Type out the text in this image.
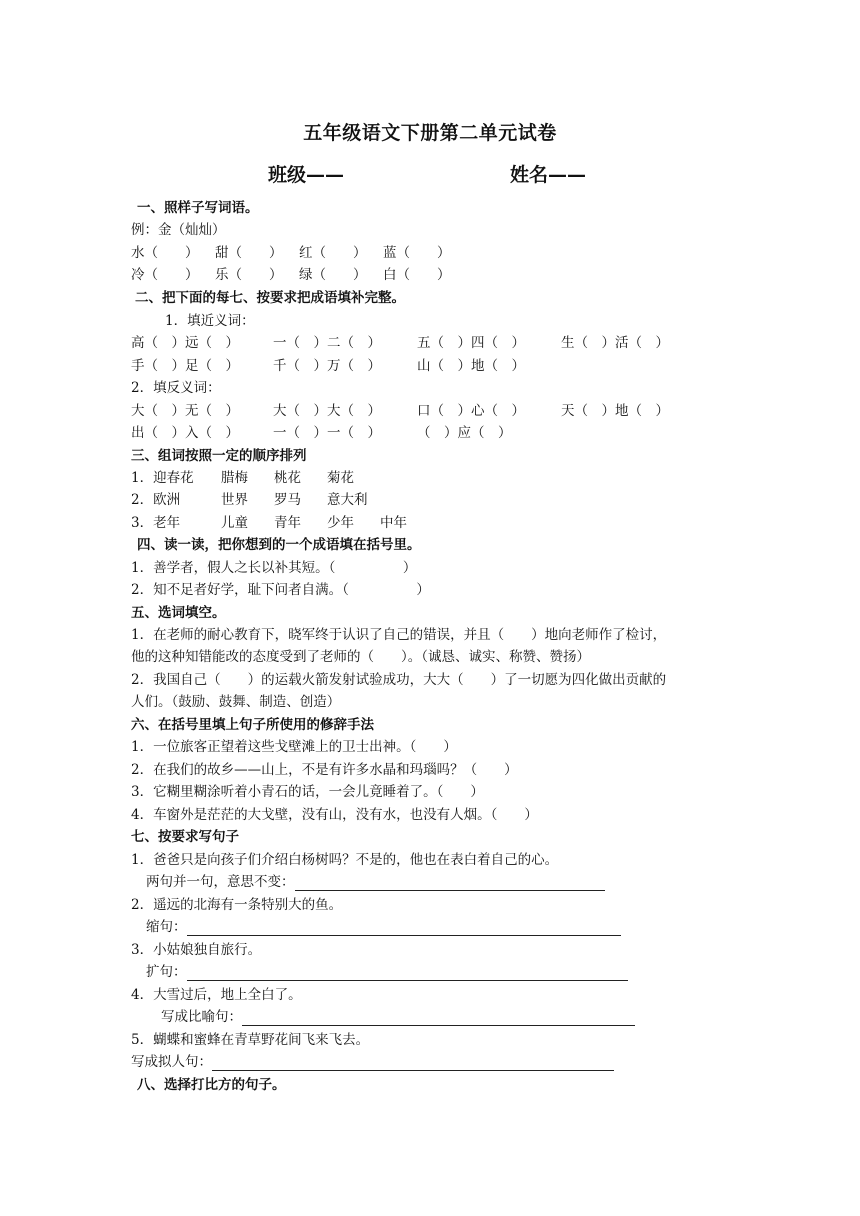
五年级语文下册第二单元试卷
班级——	姓名——
一、照样子写词语。
例：金（灿灿）
水（　　） 甜（　　） 红（　　） 蓝（　　）
冷（　　） 乐（　　） 绿（　　） 白（　　）
二、把下面的每七、按要求把成语填补完整。
1．填近义词：
高（　）远（　）	一（　）二（　）	五（　）四（　）	生（　）活（　）
手（　）足（　）	千（　）万（　）	山（　）地（　）
2．填反义词：
大（　）无（　）	大（　）大（　）	口（　）心（　）	天（　）地（　）
出（　）入（　）	一（　）一（　）	（　）应（　）
三、组词按照一定的顺序排列
1．迎春花 腊梅 桃花 菊花
2．欧洲	世界 罗马 意大利
3．老年	儿童 青年 少年 中年
四、读一读，把你想到的一个成语填在括号里。
1．善学者，假人之长以补其短。（　　　　　）
2．知不足者好学，耻下问者自满。（　　　　　）
五、选词填空。
1．在老师的耐心教育下，晓军终于认识了自己的错误，并且（　　）地向老师作了检讨，
他的这种知错能改的态度受到了老师的（　　）。（诚恳、诚实、称赞、赞扬）
2．我国自己（　　）的运载火箭发射试验成功，大大（　　）了一切愿为四化做出贡献的
人们。（鼓励、鼓舞、制造、创造）
六、在括号里填上句子所使用的修辞手法
1．一位旅客正望着这些戈壁滩上的卫士出神。（　　）
2．在我们的故乡——山上，不是有许多水晶和玛瑙吗？（　　）
3．它糊里糊涂听着小青石的话，一会儿竟睡着了。（　　）
4．车窗外是茫茫的大戈壁，没有山，没有水，也没有人烟。（　　）
七、按要求写句子
1．爸爸只是向孩子们介绍白杨树吗？不是的，他也在表白着自己的心。
两句并一句，意思不变：
2．遥远的北海有一条特别大的鱼。
缩句：
3．小姑娘独自旅行。
扩句：
4．大雪过后，地上全白了。
写成比喻句：
5．蝴蝶和蜜蜂在青草野花间飞来飞去。
写成拟人句：
八、选择打比方的句子。
